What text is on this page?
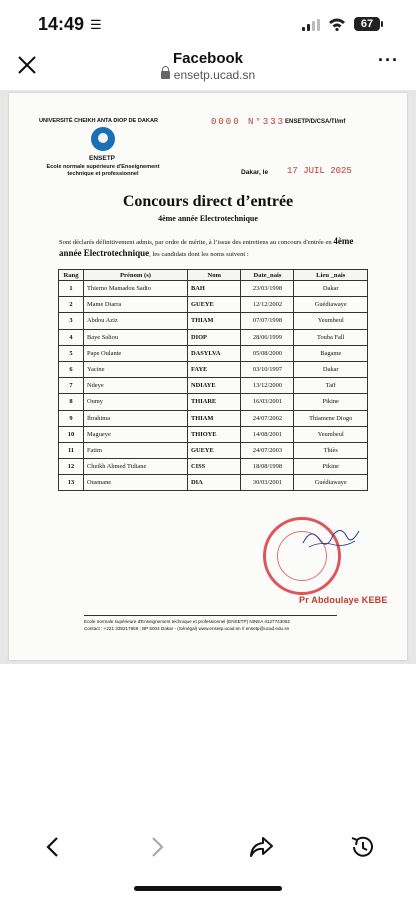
14:49 ☰	67
Facebook
ensetp.ucad.sn
···
UNIVERSITÉ CHEIKH ANTA DIOP DE DAKAR
ENSETP
Ecole normale supérieure d'Enseignement technique et professionnel
0000 N°333 ENSETP/D/CSA/TI/mf
Dakar, le 17 JUIL 2025
Concours direct d’entrée
4ème année Electrotechnique
Sont déclarés définitivement admis, par ordre de mérite, à l’issue des entretiens au concours d'entrée en 4ème année Electrotechnique, les candidats dont les noms suivent :
Rang	Prénom (s)	Nom	Date_nais	Lieu _nais
1	Thierno Mamadou Sadio	BAH	23/03/1998	Dakar
2	Mame Diarra	GUEYE	12/12/2002	Guédiawaye
3	Abdou Aziz	THIAM	07/07/1998	Yeumbeul
4	Baye Saliou	DIOP	28/06/1999	Touba Fall
5	Pape Oulante	DASYLVA	05/08/2000	Bagame
6	Yacine	FAYE	03/10/1997	Dakar
7	Ndeye	NDIAYE	13/12/2000	Taïf
8	Oumy	THIARE	16/03/2001	Pikine
9	Ibrahima	THIAM	24/07/2002	Thiamene Diogo
10	Magueye	THIOYE	14/08/2001	Yeumbeul
11	Fatim	GUEYE	24/07/2003	Thiès
12	Cheikh Ahmed Tidiane	CISS	18/08/1998	Pikine
13	Ousmane	DIA	30/03/2001	Guédiawaye
Pr Abdoulaye KEBE
Ecole normale supérieure d'Enseignement technique et professionnel (ENSETP) NINEA 4127743052
Contact : +221 338217669 ; BP 5004 Dakar - (Sénégal) www.ensetp.ucad.sn // ensetp@ucad.edu.sn
